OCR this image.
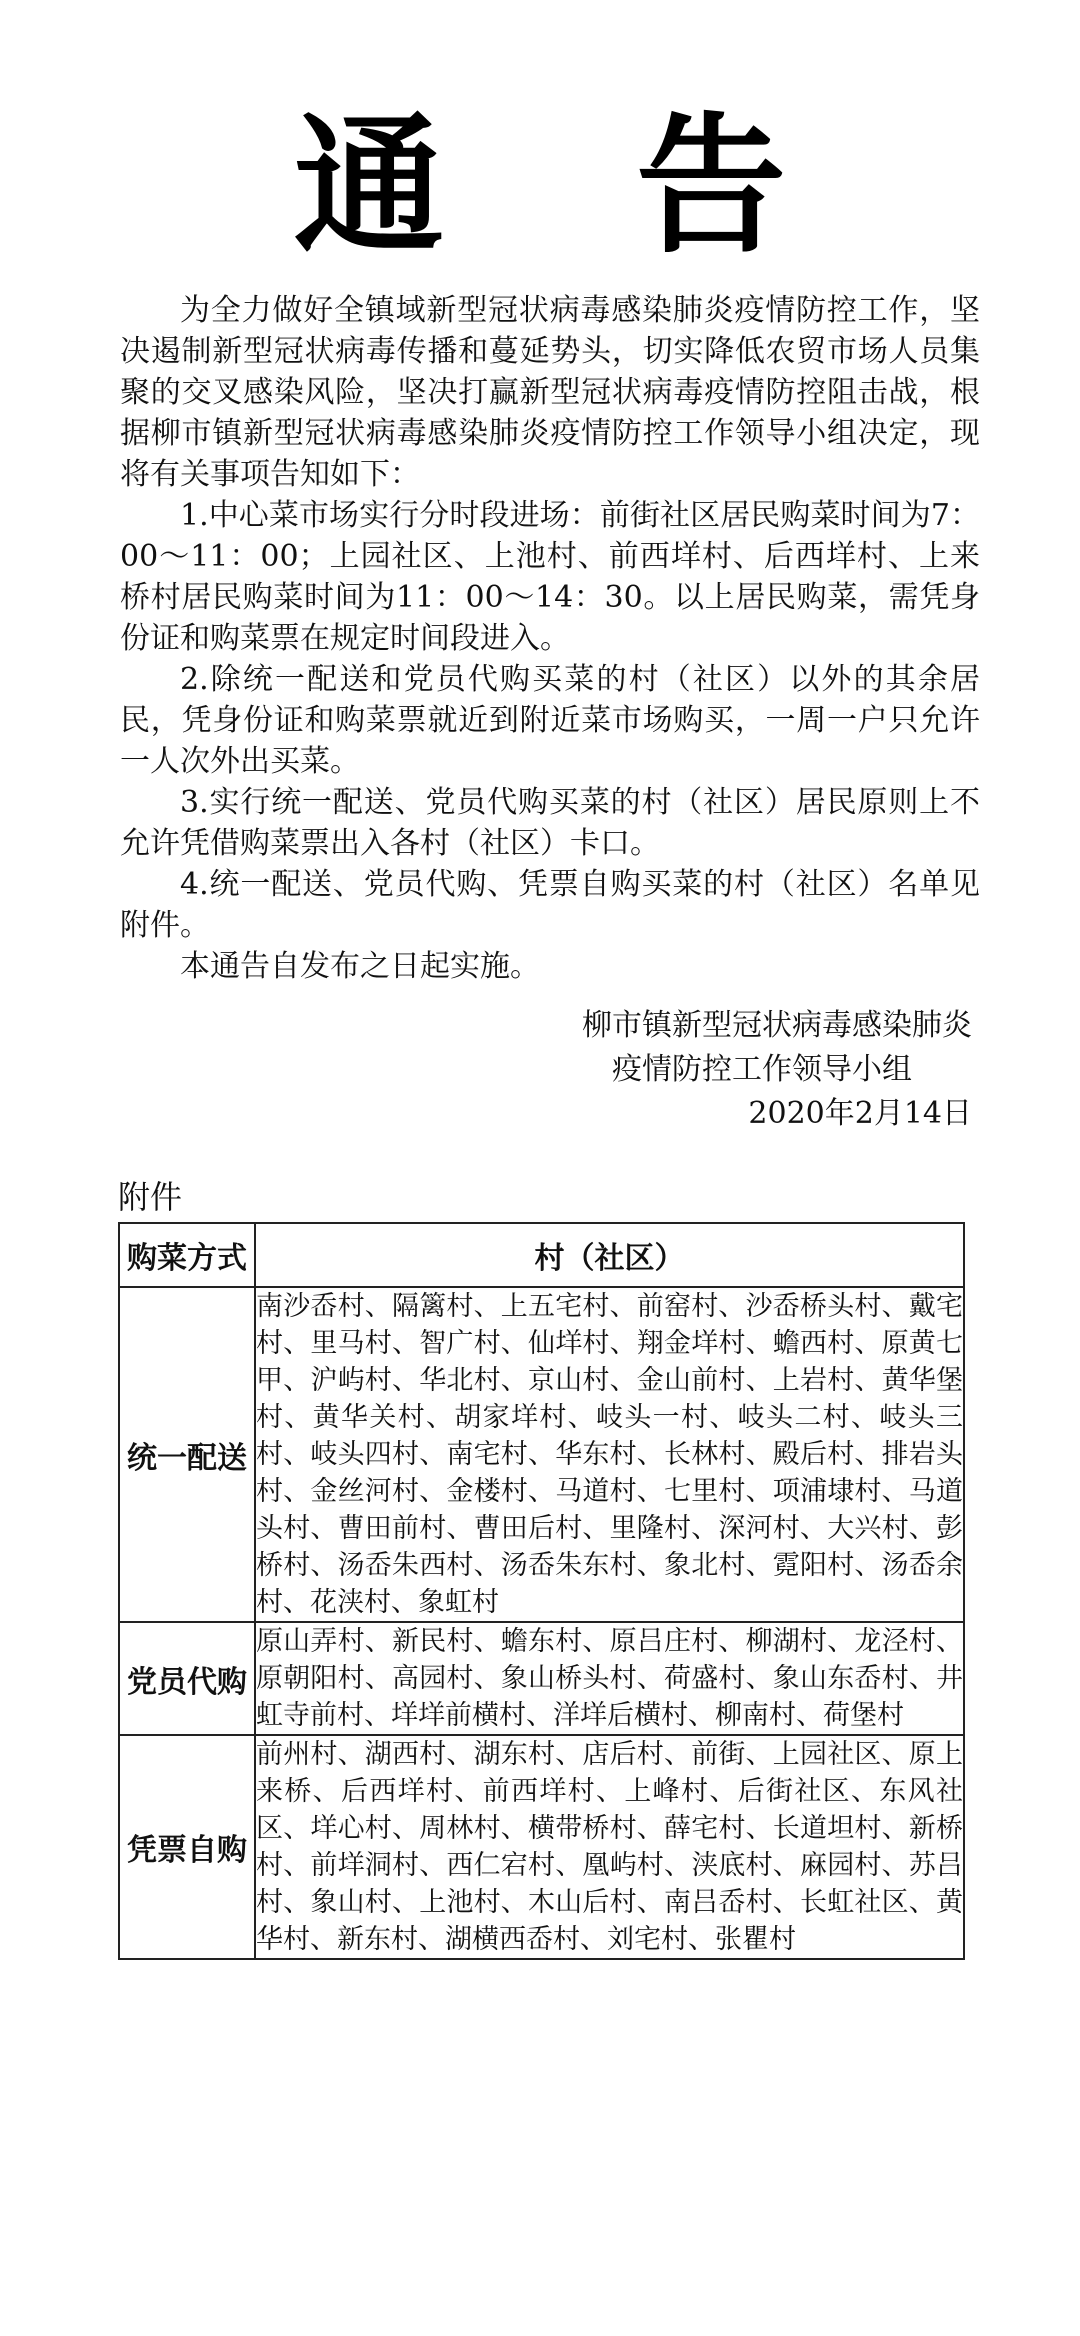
通 告

为全力做好全镇域新型冠状病毒感染肺炎疫情防控工作，坚决遏制新型冠状病毒传播和蔓延势头，切实降低农贸市场人员集聚的交叉感染风险，坚决打赢新型冠状病毒疫情防控阻击战，根据柳市镇新型冠状病毒感染肺炎疫情防控工作领导小组决定，现将有关事项告知如下：

1.中心菜市场实行分时段进场：前街社区居民购菜时间为7：00～11：00；上园社区、上池村、前西垟村、后西垟村、上来桥村居民购菜时间为11：00～14：30。以上居民购菜，需凭身份证和购菜票在规定时间段进入。

2.除统一配送和党员代购买菜的村（社区）以外的其余居民，凭身份证和购菜票就近到附近菜市场购买，一周一户只允许一人次外出买菜。

3.实行统一配送、党员代购买菜的村（社区）居民原则上不允许凭借购菜票出入各村（社区）卡口。

4.统一配送、党员代购、凭票自购买菜的村（社区）名单见附件。

本通告自发布之日起实施。

柳市镇新型冠状病毒感染肺炎
疫情防控工作领导小组
2020年2月14日
附件
购菜方式	村（社区）
统一配送	南沙岙村、隔篱村、上五宅村、前窑村、沙岙桥头村、戴宅村、里马村、智广村、仙垟村、翔金垟村、蟾西村、原黄七甲、沪屿村、华北村、京山村、金山前村、上岩村、黄华堡村、黄华关村、胡家垟村、岐头一村、岐头二村、岐头三村、岐头四村、南宅村、华东村、长林村、殿后村、排岩头村、金丝河村、金楼村、马道村、七里村、项浦埭村、马道头村、曹田前村、曹田后村、里隆村、深河村、大兴村、彭桥村、汤岙朱西村、汤岙朱东村、象北村、霓阳村、汤岙余村、花浃村、象虹村
党员代购	原山弄村、新民村、蟾东村、原吕庄村、柳湖村、龙泾村、原朝阳村、高园村、象山桥头村、荷盛村、象山东岙村、井虹寺前村、垟垟前横村、洋垟后横村、柳南村、荷堡村
凭票自购	前州村、湖西村、湖东村、店后村、前街、上园社区、原上来桥、后西垟村、前西垟村、上峰村、后街社区、东风社区、垟心村、周林村、横带桥村、薛宅村、长道坦村、新桥村、前垟洞村、西仁宕村、凰屿村、浃底村、麻园村、苏吕村、象山村、上池村、木山后村、南吕岙村、长虹社区、黄华村、新东村、湖横西岙村、刘宅村、张瞿村
